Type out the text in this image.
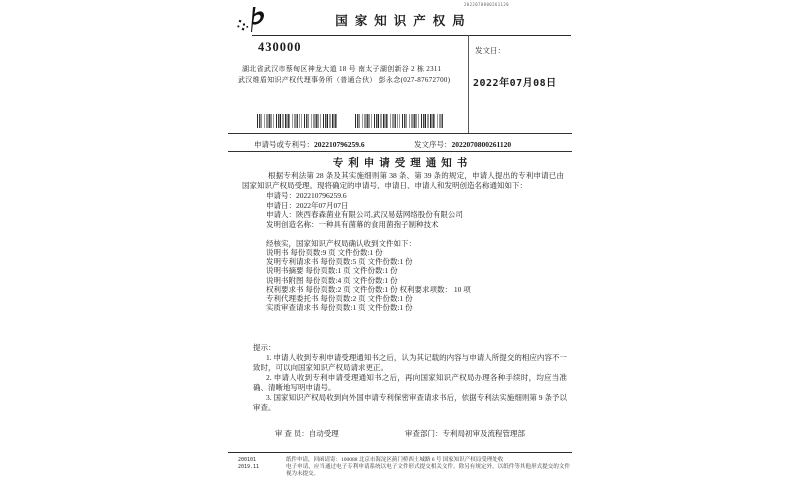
2022070800261120
国家知识产权局
430000
湖北省武汉市蔡甸区神龙大道 18 号 南太子湖创新谷 2 栋 2311
武汉维盾知识产权代理事务所（普通合伙） 彭永念(027-87672700)
发文日：
2022年07月08日
申请号或专利号：202210796259.6	发文序号：2022070800261120
专利申请受理通知书
根据专利法第 28 条及其实施细则第 38 条、第 39 条的规定，申请人提出的专利申请已由国家知识产权局受理。现将确定的申请号、申请日、申请人和发明创造名称通知如下：
申请号：202210796259.6
申请日：2022年07月07日
申请人：陕西春森菌业有限公司,武汉易菇网络股份有限公司
发明创造名称：一种具有菌幕的食用菌孢子制种技术
经核实，国家知识产权局确认收到文件如下：
说明书 每份页数:9 页 文件份数:1 份
发明专利请求书 每份页数:5 页 文件份数:1 份
说明书摘要 每份页数:1 页 文件份数:1 份
说明书附图 每份页数:4 页 文件份数:1 份
权利要求书 每份页数:2 页 文件份数:1 份 权利要求项数： 10 项
专利代理委托书 每份页数:2 页 文件份数:1 份
实质审查请求书 每份页数:1 页 文件份数:1 份
提示：
1. 申请人收到专利申请受理通知书之后，认为其记载的内容与申请人所提交的相应内容不一致时，可以向国家知识产权局请求更正。
2. 申请人收到专利申请受理通知书之后，再向国家知识产权局办理各种手续时，均应当准确、清晰地写明申请号。
3. 国家知识产权局收到向外国申请专利保密审查请求书后，依据专利法实施细则第 9 条予以审查。
审 查 员：自动受理	审查部门：专利局初审及流程管理部
200101	纸件申请，回函请寄：100088 北京市海淀区蓟门桥西土城路 6 号 国家知识产权局受理处收
2019.11	电子申请，应当通过电子专利申请系统以电子文件形式提交相关文件。除另有规定外，以纸件等其他形式提交的文件视为未提交。
